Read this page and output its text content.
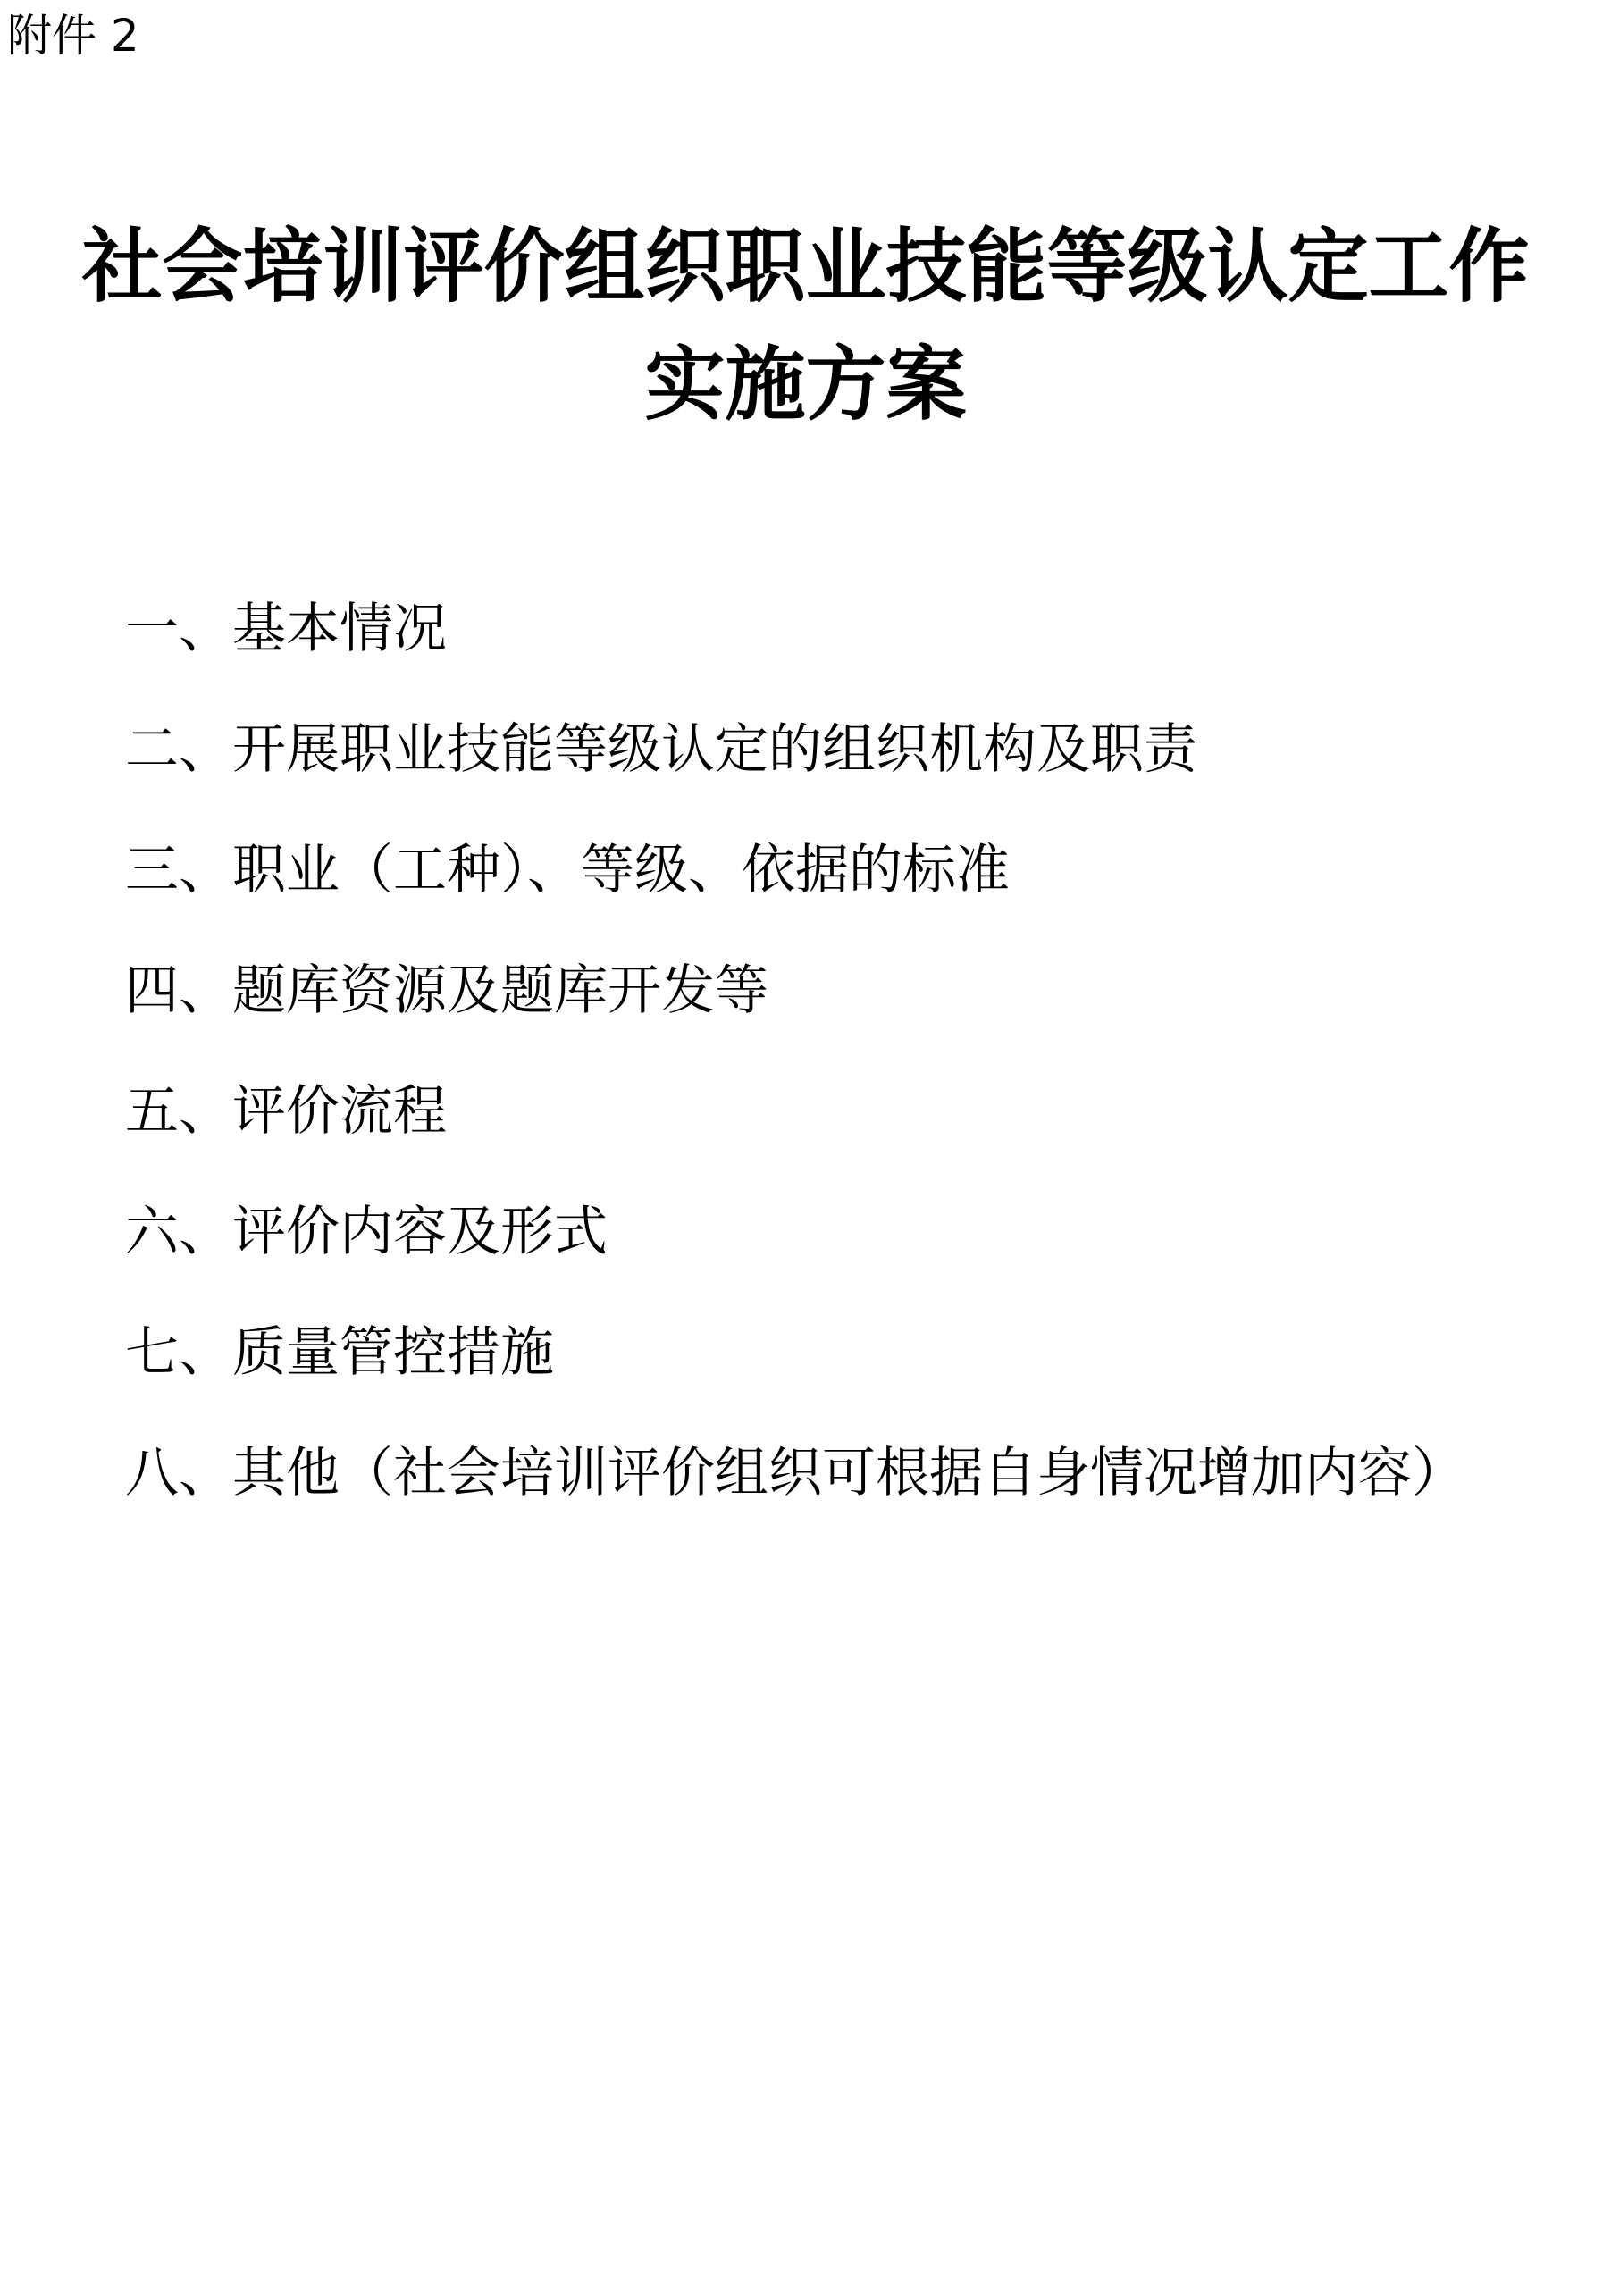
附件 2
社会培训评价组织职业技能等级认定工作
实施方案
一、基本情况
二、开展职业技能等级认定的组织机构及职责
三、职业（工种）、等级、依据的标准
四、题库资源及题库开发等
五、评价流程
六、评价内容及形式
七、质量管控措施
八、其他（社会培训评价组织可根据自身情况增加内容）
